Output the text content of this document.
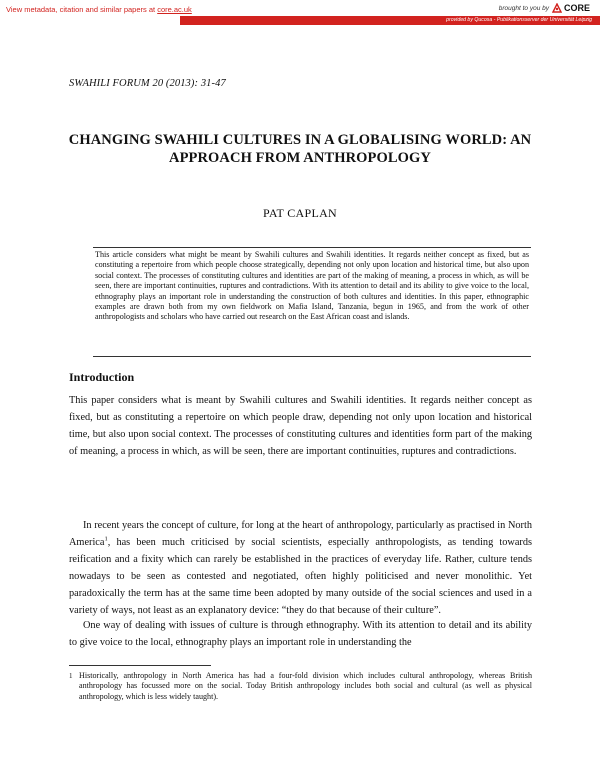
View metadata, citation and similar papers at core.ac.uk	brought to you by CORE
provided by Qucosa - Publikationsserver der Universität Leipzig
SWAHILI FORUM 20 (2013): 31-47
CHANGING SWAHILI CULTURES IN A GLOBALISING WORLD: AN APPROACH FROM ANTHROPOLOGY
PAT CAPLAN
This article considers what might be meant by Swahili cultures and Swahili identities. It regards neither concept as fixed, but as constituting a repertoire from which people choose strategically, depending not only upon location and historical time, but also upon social context. The processes of constituting cultures and identities are part of the making of meaning, a process in which, as will be seen, there are important continuities, ruptures and contradictions. With its attention to detail and its ability to give voice to the local, ethnography plays an important role in understanding the construction of both cultures and identities. In this paper, ethnographic examples are drawn both from my own fieldwork on Mafia Island, Tanzania, begun in 1965, and from the work of other anthropologists and scholars who have carried out research on the East African coast and islands.
Introduction
This paper considers what is meant by Swahili cultures and Swahili identities. It regards neither concept as fixed, but as constituting a repertoire on which people draw, depending not only upon location and historical time, but also upon social context. The processes of constituting cultures and identities form part of the making of meaning, a process in which, as will be seen, there are important continuities, ruptures and contradictions.
In recent years the concept of culture, for long at the heart of anthropology, particularly as practised in North America$^1$, has been much criticised by social scientists, especially anthropologists, as tending towards reification and a fixity which can rarely be established in the practices of everyday life. Rather, culture tends nowadays to be seen as contested and negotiated, often highly politicised and never monolithic. Yet paradoxically the term has at the same time been adopted by many outside of the social sciences and used in a variety of ways, not least as an explanatory device: “they do that because of their culture”.
One way of dealing with issues of culture is through ethnography. With its attention to detail and its ability to give voice to the local, ethnography plays an important role in understanding the
1 Historically, anthropology in North America has had a four-fold division which includes cultural anthropology, whereas British anthropology has focussed more on the social. Today British anthropology includes both social and cultural (as well as physical anthropology, which is less widely taught).
